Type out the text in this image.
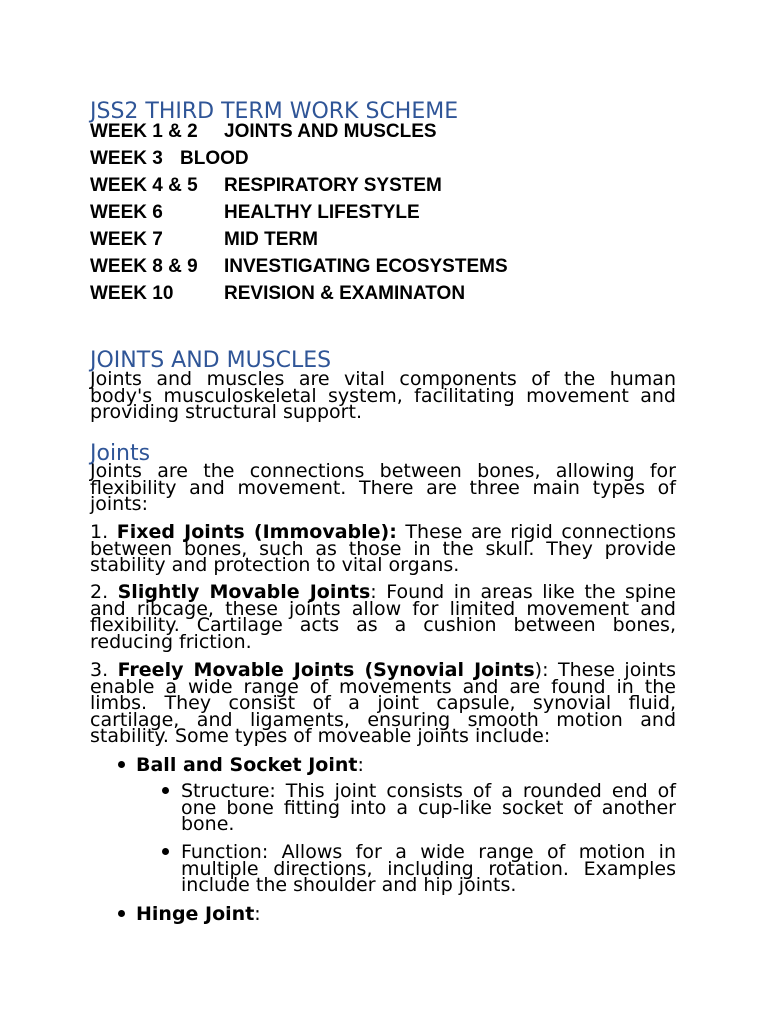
JSS2 THIRD TERM WORK SCHEME
WEEK 1 & 2 JOINTS AND MUSCLES
WEEK 3 BLOOD
WEEK 4 & 5 RESPIRATORY SYSTEM
WEEK 6	HEALTHY LIFESTYLE
WEEK 7	MID TERM
WEEK 8 & 9 INVESTIGATING ECOSYSTEMS
WEEK 10	REVISION & EXAMINATON
JOINTS AND MUSCLES
Joints and muscles are vital components of the human body's musculoskeletal system, facilitating movement and providing structural support.
Joints
Joints are the connections between bones, allowing for flexibility and movement. There are three main types of joints:
1. Fixed Joints (Immovable): These are rigid connections between bones, such as those in the skull. They provide stability and protection to vital organs.
2. Slightly Movable Joints: Found in areas like the spine and ribcage, these joints allow for limited movement and flexibility. Cartilage acts as a cushion between bones, reducing friction.
3. Freely Movable Joints (Synovial Joints): These joints enable a wide range of movements and are found in the limbs. They consist of a joint capsule, synovial fluid, cartilage, and ligaments, ensuring smooth motion and stability. Some types of moveable joints include:
Ball and Socket Joint:
Structure: This joint consists of a rounded end of one bone fitting into a cup-like socket of another bone.
Function: Allows for a wide range of motion in multiple directions, including rotation. Examples include the shoulder and hip joints.
Hinge Joint:
